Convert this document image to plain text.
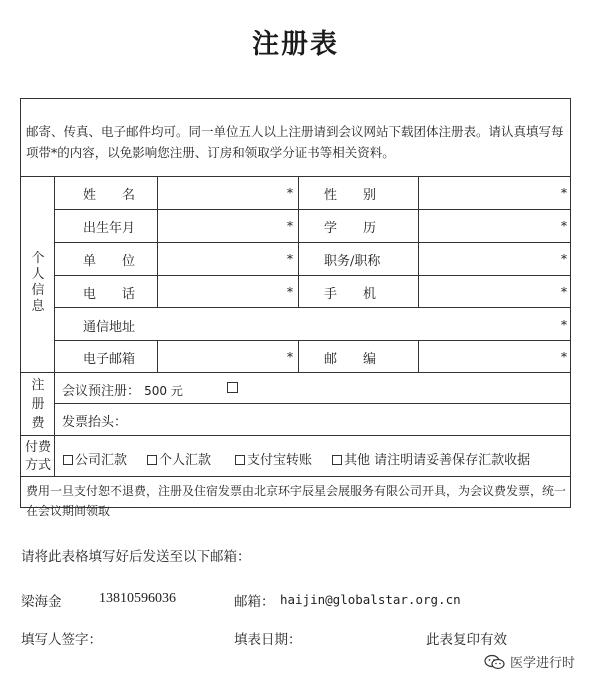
注册表
邮寄、传真、电子邮件均可。同一单位五人以上注册请到会议网站下载团体注册表。请认真填写每项带*的内容，以免影响您注册、订房和领取学分证书等相关资料。
个 人
信 息
姓　　名	* 性　　别	*
出生年月	* 学　　历	*
单　　位	* 职务/职称	*
电　　话	* 手　　机	*
通信地址	*
电子邮箱	* 邮　　编	*
注
册
费
会议预注册： 500 元
发票抬头：
付费
方式	公司汇款	个人汇款	支付宝转账	其他 请注明请妥善保存汇款收据
费用一旦支付恕不退费，注册及住宿发票由北京环宇辰星会展服务有限公司开具，为会议费发票，统一在会议期间领取
请将此表格填写好后发送至以下邮箱：
梁海金	13810596036	邮箱： haijin@globalstar.org.cn
填写人签字：	填表日期：	此表复印有效
医学进行时
